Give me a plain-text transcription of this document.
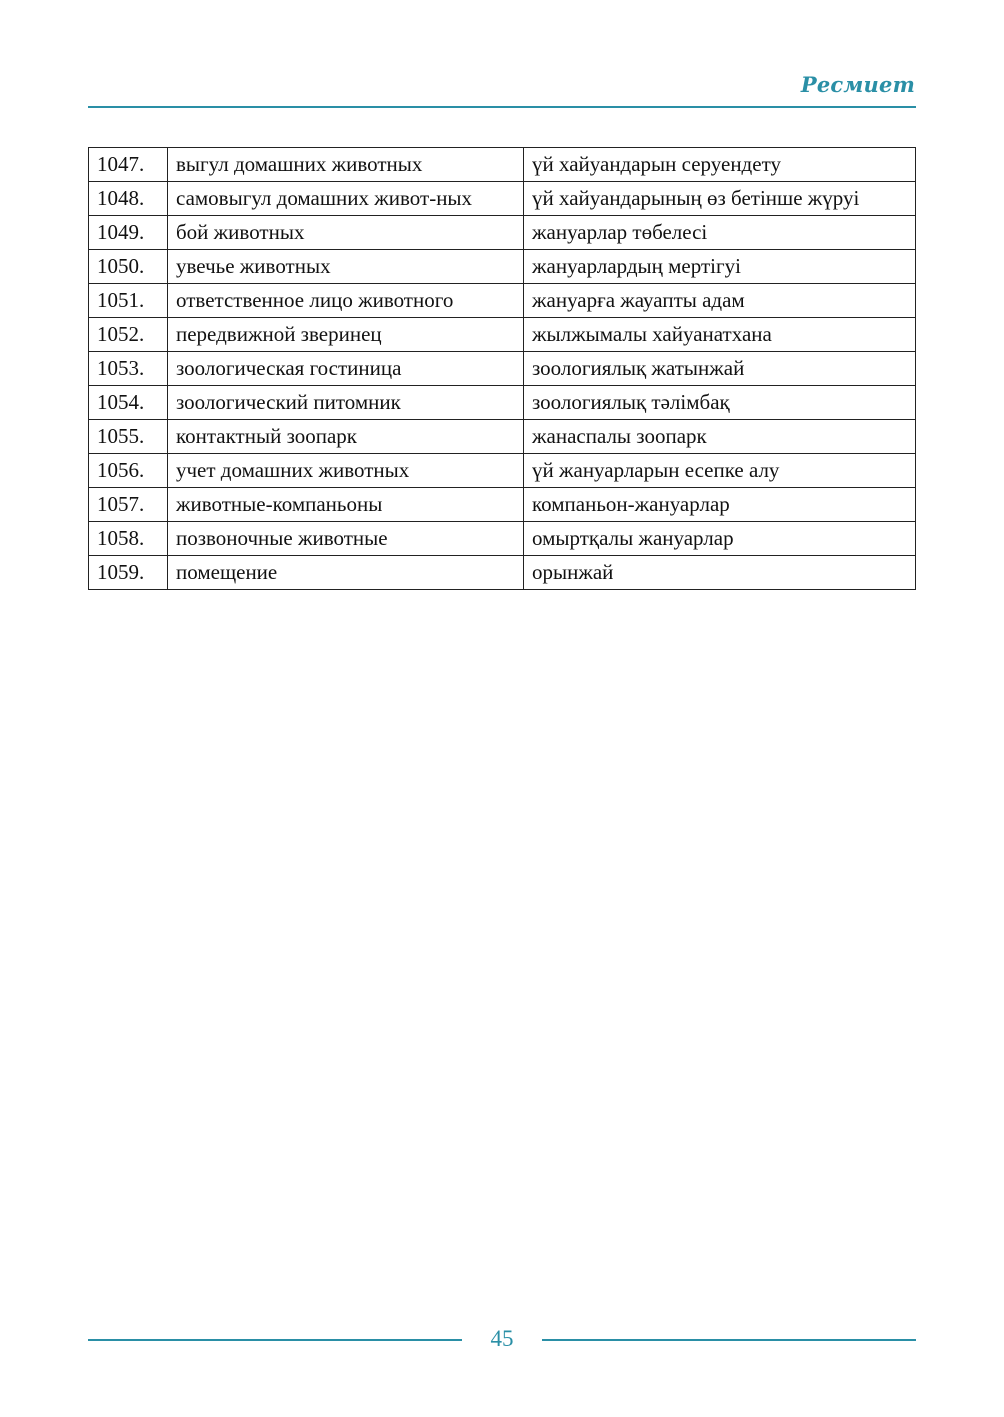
Ресмиет
1047.	выгул домашних животных	үй хайуандарын серуендету
1048.	самовыгул домашних живот-ных	үй хайуандарының өз бетінше жүруі
1049.	бой животных	жануарлар төбелесі
1050.	увечье животных	жануарлардың мертігуі
1051.	ответственное лицо животного	жануарға жауапты адам
1052.	передвижной зверинец	жылжымалы хайуанатхана
1053.	зоологическая гостиница	зоологиялық жатынжай
1054.	зоологический питомник	зоологиялық тәлімбақ
1055.	контактный зоопарк	жанаспалы зоопарк
1056.	учет домашних животных	үй жануарларын есепке алу
1057.	животные-компаньоны	компаньон-жануарлар
1058.	позвоночные животные	омыртқалы жануарлар
1059.	помещение	орынжай
45
